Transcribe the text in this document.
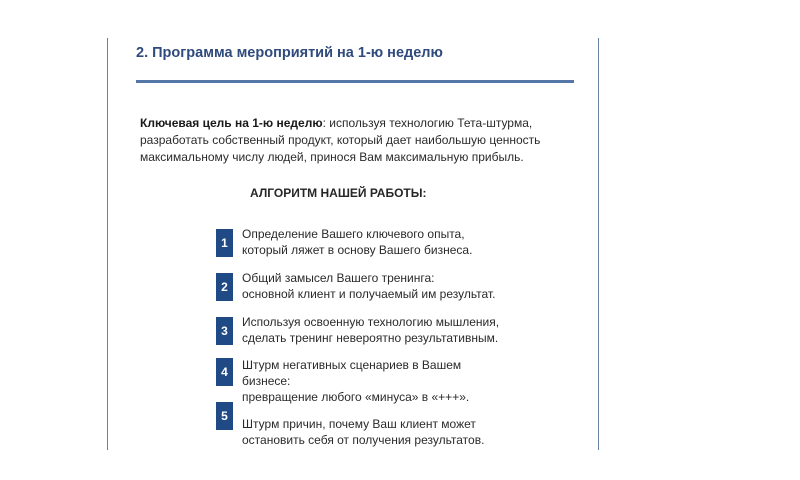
2. Программа мероприятий на 1-ю неделю
Ключевая цель на 1-ю неделю: используя технологию Тета-штурма, разработать собственный продукт, который дает наибольшую ценность максимальному числу людей, принося Вам максимальную прибыль.
АЛГОРИТМ НАШЕЙ РАБОТЫ:
1
Определение Вашего ключевого опыта,
который ляжет в основу Вашего бизнеса.
2
Общий замысел Вашего тренинга:
основной клиент и получаемый им результат.
3
Используя освоенную технологию мышления,
сделать тренинг невероятно результативным.
4	Штурм негативных сценариев в Вашем
бизнесе:
превращение любого «минуса» в «+++».
5
Штурм причин, почему Ваш клиент может
остановить себя от получения результатов.
